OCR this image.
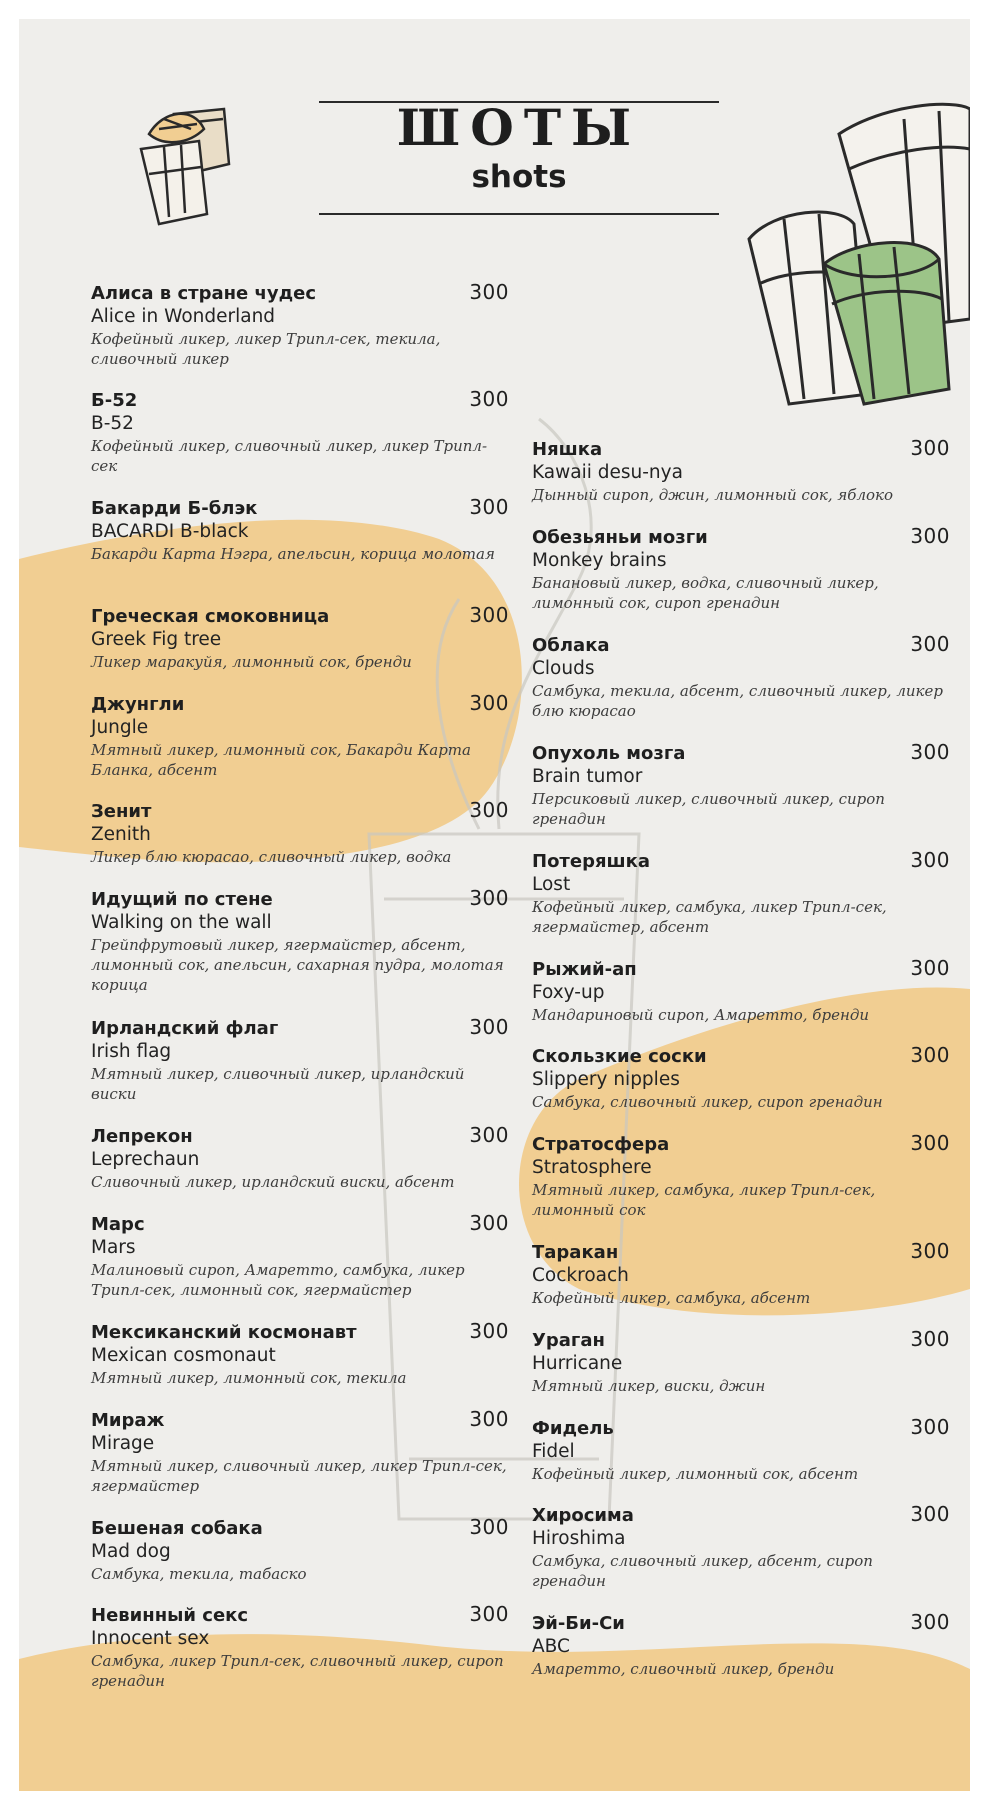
ШОТЫ
shots
Алиса в стране чудес	300
Alice in Wonderland
Кофейный ликер, ликер Трипл-сек, текила, сливочный ликер
Б-52	300
B-52
Кофейный ликер, сливочный ликер, ликер Трипл-сек
Бакарди Б-блэк	300
BACARDI B-black
Бакарди Карта Нэгра, апельсин, корица молотая
Греческая смоковница	300
Greek Fig tree
Ликер маракуйя, лимонный сок, бренди
Джунгли	300
Jungle
Мятный ликер, лимонный сок, Бакарди Карта Бланка, абсент
Зенит	300
Zenith
Ликер блю кюрасао, сливочный ликер, водка
Идущий по стене	300
Walking on the wall
Грейпфрутовый ликер, ягермайстер, абсент, лимонный сок, апельсин, сахарная пудра, молотая корица
Ирландский флаг	300
Irish flag
Мятный ликер, сливочный ликер, ирландский виски
Лепрекон	300
Leprechaun
Сливочный ликер, ирландский виски, абсент
Марс	300
Mars
Малиновый сироп, Амаретто, самбука, ликер Трипл-сек, лимонный сок, ягермайстер
Мексиканский космонавт	300
Mexican cosmonaut
Мятный ликер, лимонный сок, текила
Мираж	300
Mirage
Мятный ликер, сливочный ликер, ликер Трипл-сек, ягермайстер
Бешеная собака	300
Mad dog
Самбука, текила, табаско
Невинный секс	300
Innocent sex
Самбука, ликер Трипл-сек, сливочный ликер, сироп гренадин
Няшка	300
Kawaii desu-nya
Дынный сироп, джин, лимонный сок, яблоко
Обезьяньи мозги	300
Monkey brains
Банановый ликер, водка, сливочный ликер, лимонный сок, сироп гренадин
Облака	300
Clouds
Самбука, текила, абсент, сливочный ликер, ликер блю кюрасао
Опухоль мозга	300
Brain tumor
Персиковый ликер, сливочный ликер, сироп гренадин
Потеряшка	300
Lost
Кофейный ликер, самбука, ликер Трипл-сек, ягермайстер, абсент
Рыжий-ап	300
Foxy-up
Мандариновый сироп, Амаретто, бренди
Скользкие соски	300
Slippery nipples
Самбука, сливочный ликер, сироп гренадин
Стратосфера	300
Stratosphere
Мятный ликер, самбука, ликер Трипл-сек, лимонный сок
Таракан	300
Cockroach
Кофейный ликер, самбука, абсент
Ураган	300
Hurricane
Мятный ликер, виски, джин
Фидель	300
Fidel
Кофейный ликер, лимонный сок, абсент
Хиросима	300
Hiroshima
Самбука, сливочный ликер, абсент, сироп гренадин
Эй-Би-Си	300
ABC
Амаретто, сливочный ликер, бренди
